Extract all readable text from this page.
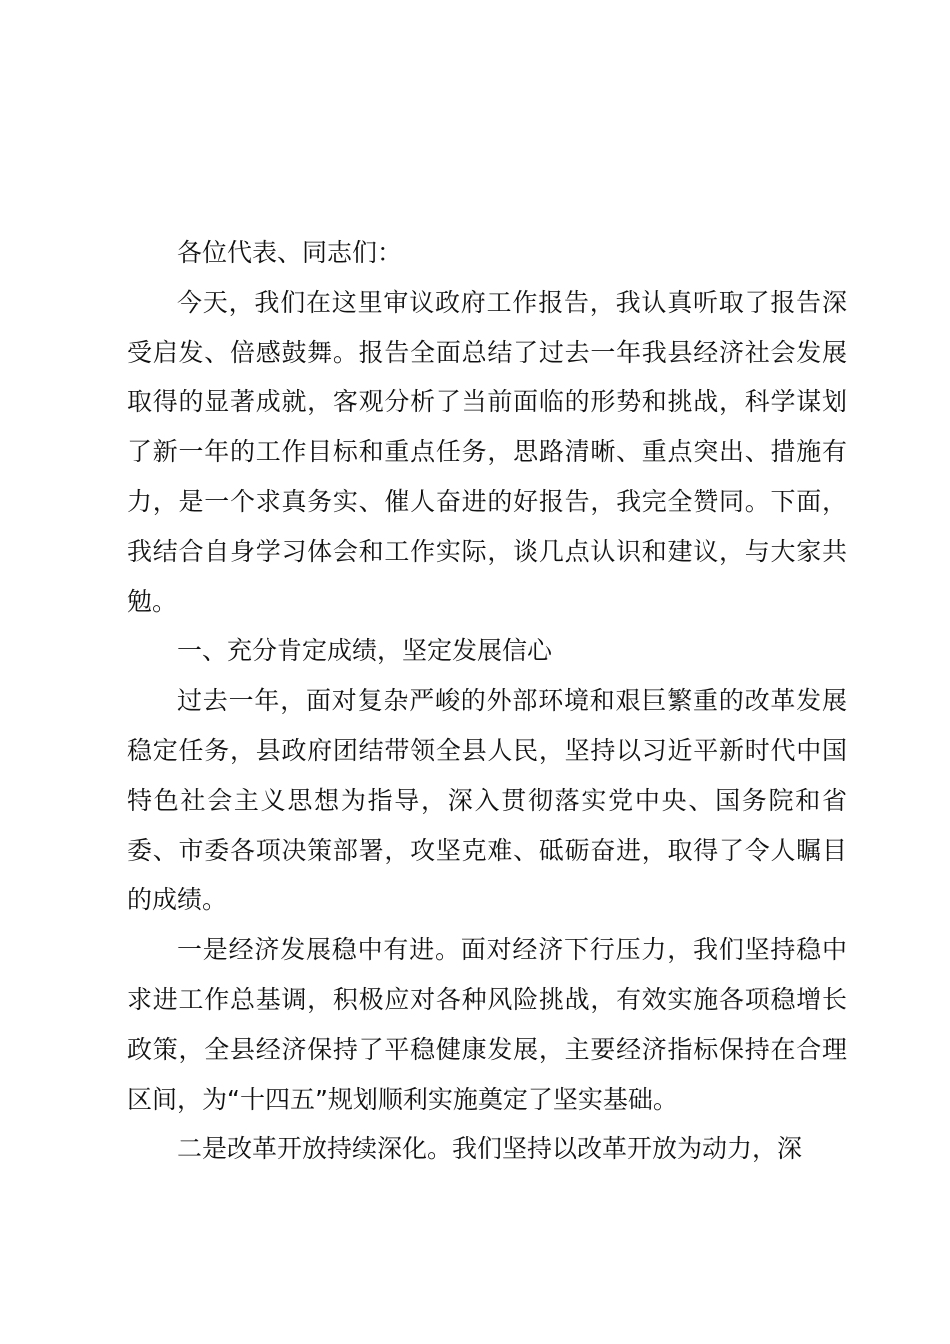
各位代表、同志们：

今天，我们在这里审议政府工作报告，我认真听取了报告深受启发、倍感鼓舞。报告全面总结了过去一年我县经济社会发展取得的显著成就，客观分析了当前面临的形势和挑战，科学谋划了新一年的工作目标和重点任务，思路清晰、重点突出、措施有力，是一个求真务实、催人奋进的好报告，我完全赞同。下面，我结合自身学习体会和工作实际，谈几点认识和建议，与大家共勉。

一、充分肯定成绩，坚定发展信心

过去一年，面对复杂严峻的外部环境和艰巨繁重的改革发展稳定任务，县政府团结带领全县人民，坚持以习近平新时代中国特色社会主义思想为指导，深入贯彻落实党中央、国务院和省委、市委各项决策部署，攻坚克难、砥砺奋进，取得了令人瞩目的成绩。

一是经济发展稳中有进。面对经济下行压力，我们坚持稳中求进工作总基调，积极应对各种风险挑战，有效实施各项稳增长政策，全县经济保持了平稳健康发展，主要经济指标保持在合理区间，为“十四五”规划顺利实施奠定了坚实基础。

二是改革开放持续深化。我们坚持以改革开放为动力，深
